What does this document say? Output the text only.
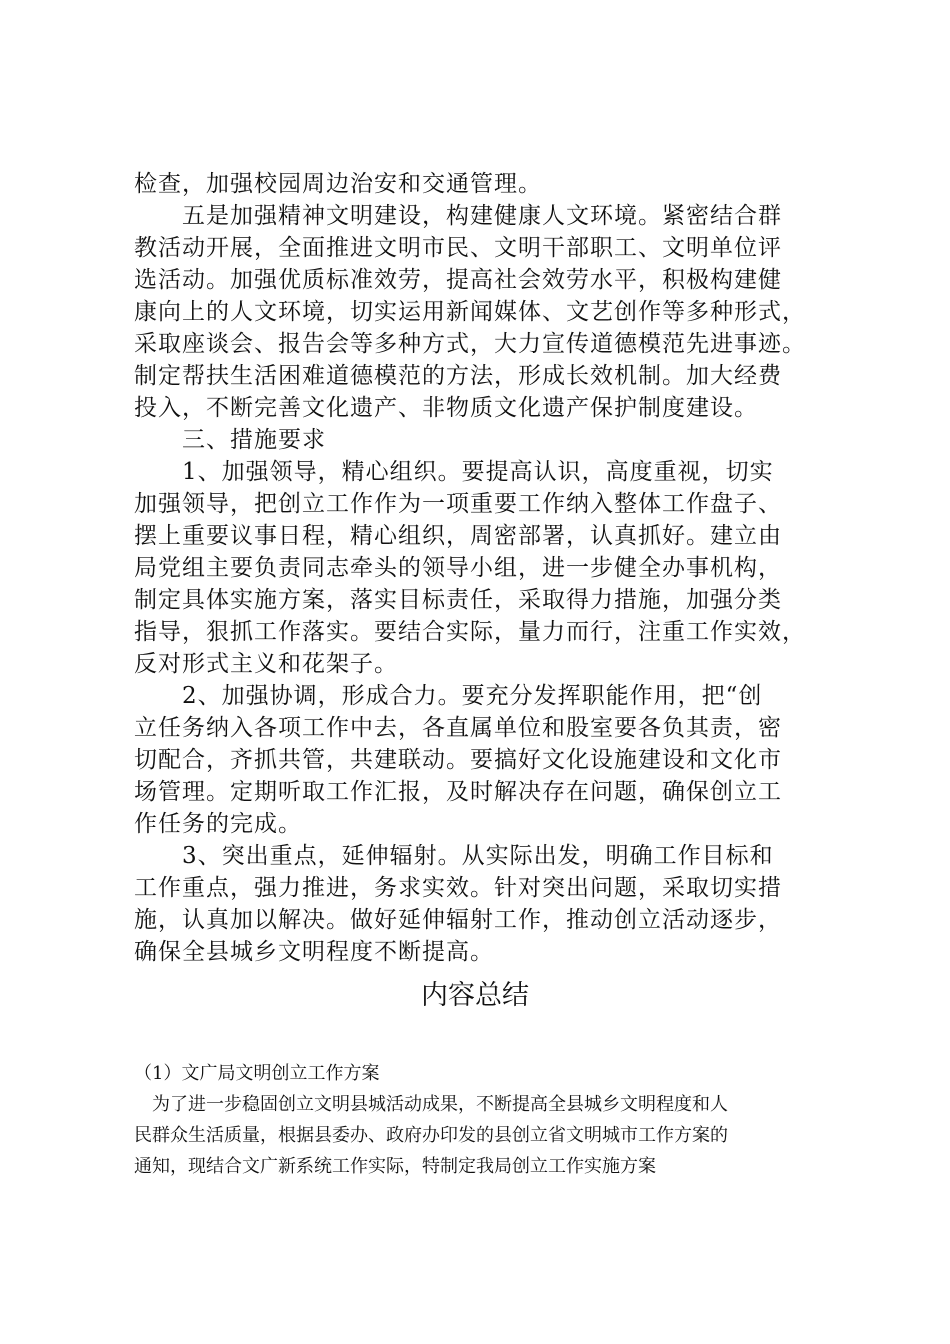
检查，加强校园周边治安和交通管理。
　　五是加强精神文明建设，构建健康人文环境。紧密结合群
教活动开展，全面推进文明市民、文明干部职工、文明单位评
选活动。加强优质标准效劳，提高社会效劳水平，积极构建健
康向上的人文环境，切实运用新闻媒体、文艺创作等多种形式，
采取座谈会、报告会等多种方式，大力宣传道德模范先进事迹。
制定帮扶生活困难道德模范的方法，形成长效机制。加大经费
投入，不断完善文化遗产、非物质文化遗产保护制度建设。
　　三、措施要求
　　1、加强领导，精心组织。要提高认识，高度重视，切实
加强领导，把创立工作作为一项重要工作纳入整体工作盘子、
摆上重要议事日程，精心组织，周密部署，认真抓好。建立由
局党组主要负责同志牵头的领导小组，进一步健全办事机构，
制定具体实施方案，落实目标责任，采取得力措施，加强分类
指导，狠抓工作落实。要结合实际，量力而行，注重工作实效，
反对形式主义和花架子。
　　2、加强协调，形成合力。要充分发挥职能作用，把“创
立任务纳入各项工作中去，各直属单位和股室要各负其责，密
切配合，齐抓共管，共建联动。要搞好文化设施建设和文化市
场管理。定期听取工作汇报，及时解决存在问题，确保创立工
作任务的完成。
　　3、突出重点，延伸辐射。从实际出发，明确工作目标和
工作重点，强力推进，务求实效。针对突出问题，采取切实措
施，认真加以解决。做好延伸辐射工作，推动创立活动逐步，
确保全县城乡文明程度不断提高。
内容总结
（1）文广局文明创立工作方案
　为了进一步稳固创立文明县城活动成果，不断提高全县城乡文明程度和人
民群众生活质量，根据县委办、政府办印发的县创立省文明城市工作方案的
通知，现结合文广新系统工作实际，特制定我局创立工作实施方案
